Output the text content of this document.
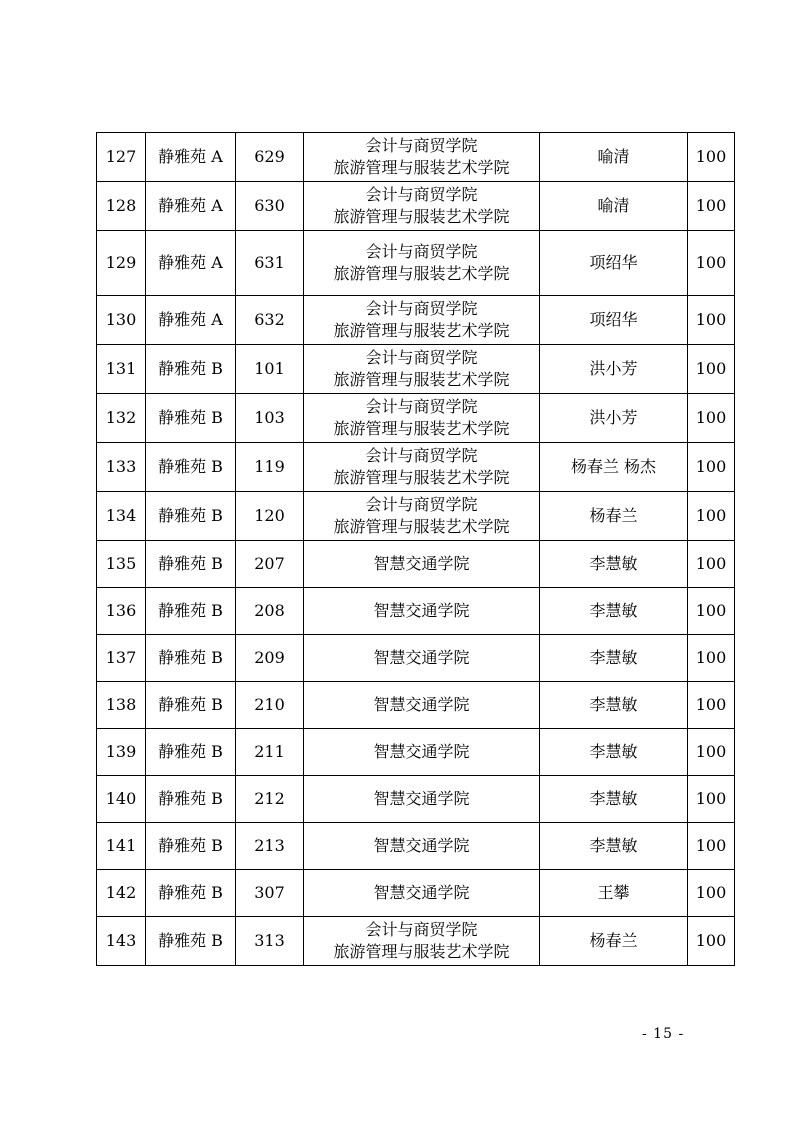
127	静雅苑 A	629	会计与商贸学院
旅游管理与服装艺术学院	喻清	100
128	静雅苑 A	630	会计与商贸学院
旅游管理与服装艺术学院	喻清	100
129	静雅苑 A	631	会计与商贸学院
旅游管理与服装艺术学院	项绍华	100
130	静雅苑 A	632	会计与商贸学院
旅游管理与服装艺术学院	项绍华	100
131	静雅苑 B	101	会计与商贸学院
旅游管理与服装艺术学院	洪小芳	100
132	静雅苑 B	103	会计与商贸学院
旅游管理与服装艺术学院	洪小芳	100
133	静雅苑 B	119	会计与商贸学院
旅游管理与服装艺术学院	杨春兰 杨杰	100
134	静雅苑 B	120	会计与商贸学院
旅游管理与服装艺术学院	杨春兰	100
135	静雅苑 B	207	智慧交通学院	李慧敏	100
136	静雅苑 B	208	智慧交通学院	李慧敏	100
137	静雅苑 B	209	智慧交通学院	李慧敏	100
138	静雅苑 B	210	智慧交通学院	李慧敏	100
139	静雅苑 B	211	智慧交通学院	李慧敏	100
140	静雅苑 B	212	智慧交通学院	李慧敏	100
141	静雅苑 B	213	智慧交通学院	李慧敏	100
142	静雅苑 B	307	智慧交通学院	王攀	100
143	静雅苑 B	313	会计与商贸学院
旅游管理与服装艺术学院	杨春兰	100
- 15 -
